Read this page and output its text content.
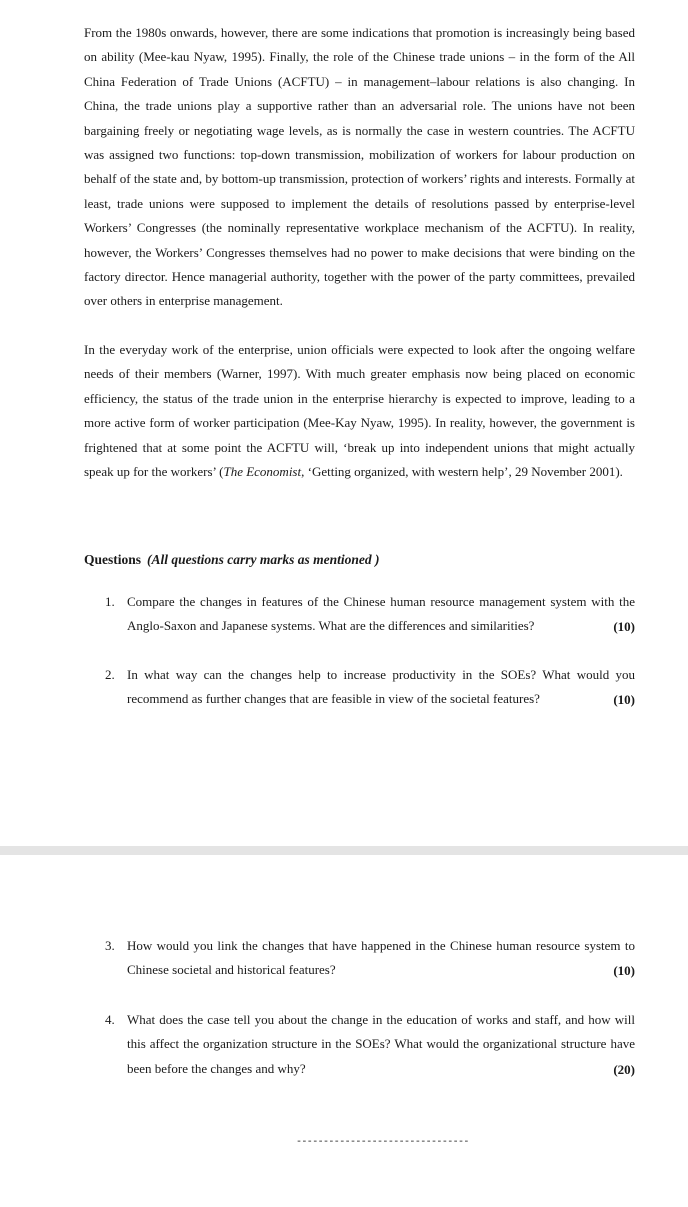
From the 1980s onwards, however, there are some indications that promotion is increasingly being based on ability (Mee-kau Nyaw, 1995). Finally, the role of the Chinese trade unions – in the form of the All China Federation of Trade Unions (ACFTU) – in management–labour relations is also changing. In China, the trade unions play a supportive rather than an adversarial role. The unions have not been bargaining freely or negotiating wage levels, as is normally the case in western countries. The ACFTU was assigned two functions: top-down transmission, mobilization of workers for labour production on behalf of the state and, by bottom-up transmission, protection of workers’ rights and interests. Formally at least, trade unions were supposed to implement the details of resolutions passed by enterprise-level Workers’ Congresses (the nominally representative workplace mechanism of the ACFTU). In reality, however, the Workers’ Congresses themselves had no power to make decisions that were binding on the factory director. Hence managerial authority, together with the power of the party committees, prevailed over others in enterprise management.

In the everyday work of the enterprise, union officials were expected to look after the ongoing welfare needs of their members (Warner, 1997). With much greater emphasis now being placed on economic efficiency, the status of the trade union in the enterprise hierarchy is expected to improve, leading to a more active form of worker participation (Mee-Kay Nyaw, 1995). In reality, however, the government is frightened that at some point the ACFTU will, ‘break up into independent unions that might actually speak up for the workers’ (The Economist, ‘Getting organized, with western help’, 29 November 2001).

Questions (All questions carry marks as mentioned )

1. Compare the changes in features of the Chinese human resource management system with the Anglo-Saxon and Japanese systems. What are the differences and similarities?	(10)
2. In what way can the changes help to increase productivity in the SOEs? What would you recommend as further changes that are feasible in view of the societal features?	(10)
3. How would you link the changes that have happened in the Chinese human resource system to Chinese societal and historical features?	(10)
4. What does the case tell you about the change in the education of works and staff, and how will this affect the organization structure in the SOEs? What would the organizational structure have been before the changes and why?	(20)
--------------------------------
